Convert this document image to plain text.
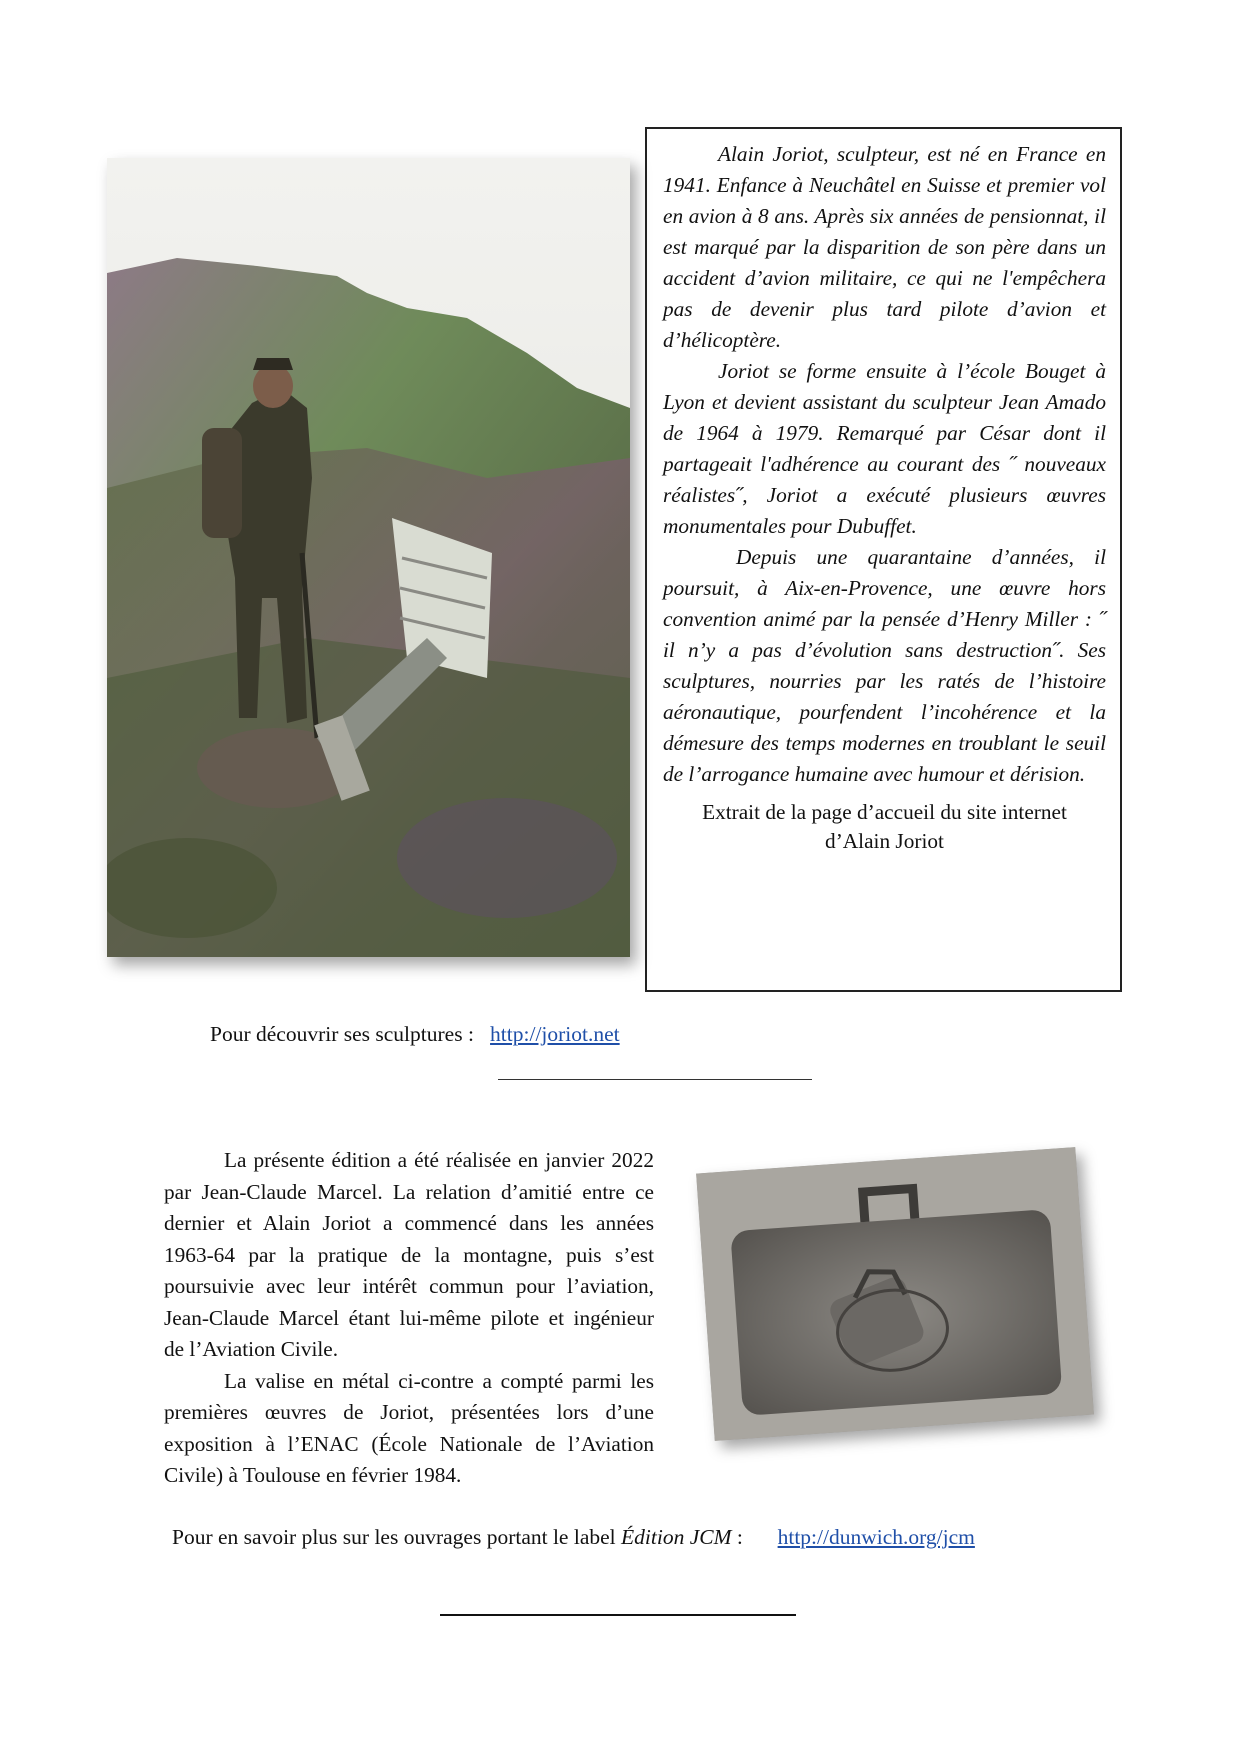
Alain Joriot, sculpteur, est né en France en 1941. Enfance à Neuchâtel en Suisse et premier vol en avion à 8 ans. Après six années de pensionnat, il est marqué par la disparition de son père dans un accident d’avion militaire, ce qui ne l'empêchera pas de devenir plus tard pilote d’avion et d’hélicoptère.

Joriot se forme ensuite à l’école Bouget à Lyon et devient assistant du sculpteur Jean Amado de 1964 à 1979. Remarqué par César dont il partageait l'adhérence au courant des ˝ nouveaux réalistes˝, Joriot a exécuté plusieurs œuvres monumentales pour Dubuffet.

Depuis une quarantaine d’années, il poursuit, à Aix-en-Provence, une œuvre hors convention animé par la pensée d’Henry Miller : ˝ il n’y a pas d’évolution sans destruction˝. Ses sculptures, nourries par les ratés de l’histoire aéronautique, pourfendent l’incohérence et la démesure des temps modernes en troublant le seuil de l’arrogance humaine avec humour et dérision.

Extrait de la page d’accueil du site internet
d’Alain Joriot

Pour découvrir ses sculptures : http://joriot.net

La présente édition a été réalisée en janvier 2022 par Jean-Claude Marcel. La relation d’amitié entre ce dernier et Alain Joriot a commencé dans les années 1963-64 par la pratique de la montagne, puis s’est poursuivie avec leur intérêt commun pour l’aviation, Jean-Claude Marcel étant lui-même pilote et ingénieur de l’Aviation Civile.

La valise en métal ci-contre a compté parmi les premières œuvres de Joriot, présentées lors d’une exposition à l’ENAC (École Nationale de l’Aviation Civile) à Toulouse en février 1984.

Pour en savoir plus sur les ouvrages portant le label Édition JCM : http://dunwich.org/jcm
